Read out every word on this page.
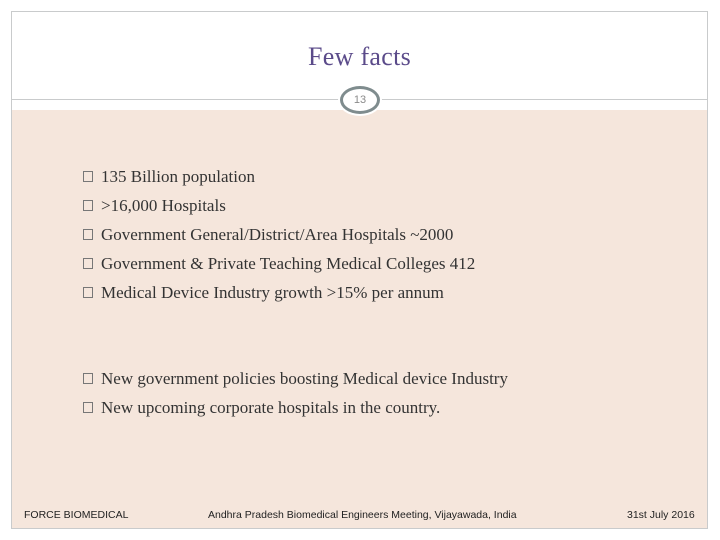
Few facts
13
135 Billion population
>16,000 Hospitals
Government General/District/Area Hospitals ~2000
Government & Private Teaching Medical Colleges 412
Medical Device Industry growth >15% per annum
New government policies boosting Medical device Industry
New upcoming corporate hospitals in the country.
FORCE BIOMEDICAL	Andhra Pradesh Biomedical Engineers Meeting, Vijayawada, India	31st July 2016
